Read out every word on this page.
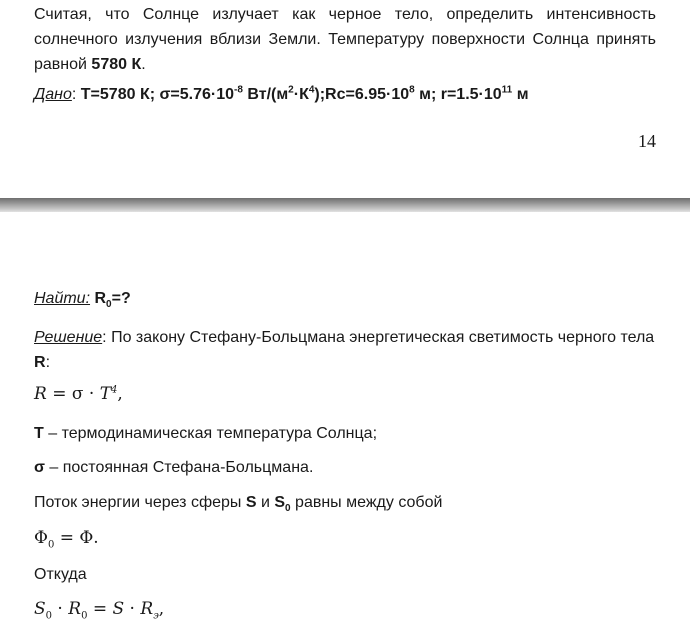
Считая, что Солнце излучает как черное тело, определить интенсивность солнечного излучения вблизи Земли. Температуру поверхности Солнца принять равной 5780 К.
Дано: T=5780 К; $\sigma=5.76\cdot 10^{-8}$ $Вт/(м^2\cdot К^4);Rc=6.95\cdot 10^8$ м; $r=1.5\cdot 10^{11}$ м
14
Найти: $R_0=$?
Решение: По закону Стефану-Больцмана энергетическая светимость черного тела R:
$R = \sigma \cdot T^4$,
T – термодинамическая температура Солнца;
σ – постоянная Стефана-Больцмана.
Поток энергии через сферы S и $S_0$ равны между собой
$\Phi_0 = \Phi$.
Откуда
$S_0 \cdot R_0 = S \cdot R_э$,
